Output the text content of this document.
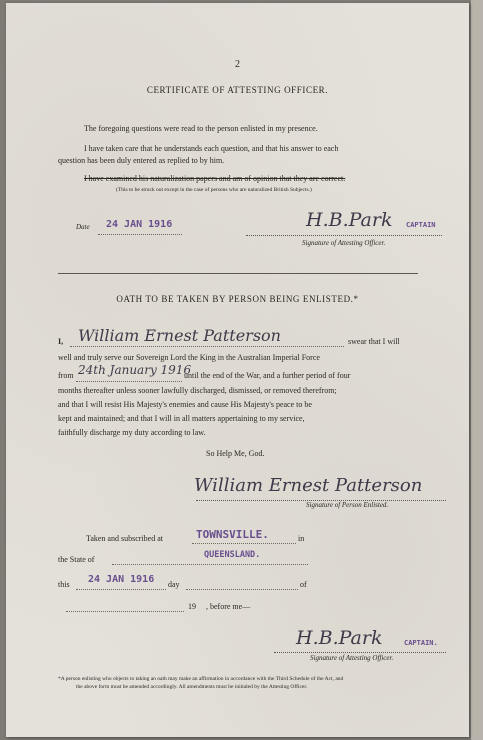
2
CERTIFICATE OF ATTESTING OFFICER.
The foregoing questions were read to the person enlisted in my presence.
I have taken care that he understands each question, and that his answer to each
question has been duly entered as replied to by him.
I have examined his naturalization papers and am of opinion that they are correct.
(This to be struck out except in the case of persons who are naturalized British Subjects.)
Date 24 JAN 1916	H.B.Park CAPTAIN
Signature of Attesting Officer.
OATH TO BE TAKEN BY PERSON BEING ENLISTED.*
I, William Ernest Patterson	swear that I will
well and truly serve our Sovereign Lord the King in the Australian Imperial Force
from 24th January 1916
until the end of the War, and a further period of four
months thereafter unless sooner lawfully discharged, dismissed, or removed therefrom;
and that I will resist His Majesty's enemies and cause His Majesty's peace to be
kept and maintained; and that I will in all matters appertaining to my service,
faithfully discharge my duty according to law.
So Help Me, God.
William Ernest Patterson
Signature of Person Enlisted.
Taken and subscribed at	TOWNSVILLE.	in
the State of	QUEENSLAND.
this 24 JAN 1916 day	of
19 , before me—
H.B.Park	CAPTAIN.
Signature of Attesting Officer.
*A person enlisting who objects to taking an oath may make an affirmation in accordance with the Third Schedule of the Act, and
the above form must be amended accordingly. All amendments must be initialed by the Attesting Officer.
